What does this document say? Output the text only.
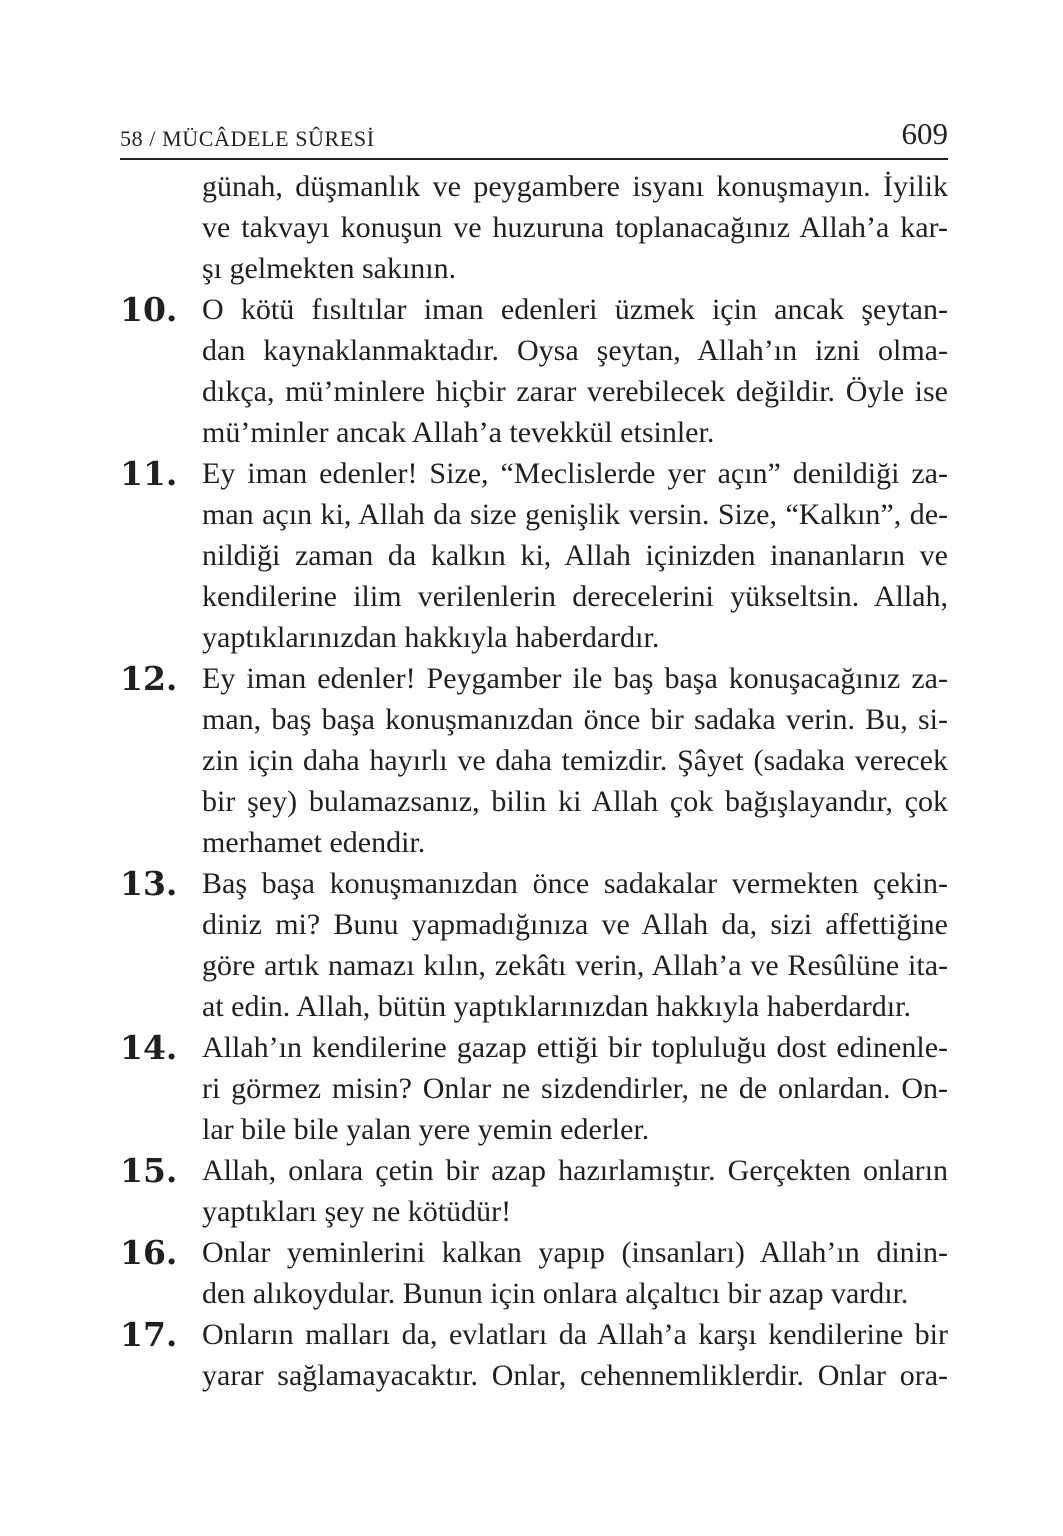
58 / MÜCÂDELE SÛRESİ	609
günah, düşmanlık ve peygambere isyanı konuşmayın. İyilik
ve takvayı konuşun ve huzuruna toplanacağınız Allah’a kar-
şı gelmekten sakının.
10. O kötü fısıltılar iman edenleri üzmek için ancak şeytan-
dan kaynaklanmaktadır. Oysa şeytan, Allah’ın izni olma-
dıkça, mü’minlere hiçbir zarar verebilecek değildir. Öyle ise
mü’minler ancak Allah’a tevekkül etsinler.
11. Ey iman edenler! Size, “Meclislerde yer açın” denildiği za-
man açın ki, Allah da size genişlik versin. Size, “Kalkın”, de-
nildiği zaman da kalkın ki, Allah içinizden inananların ve
kendilerine ilim verilenlerin derecelerini yükseltsin. Allah,
yaptıklarınızdan hakkıyla haberdardır.
12. Ey iman edenler! Peygamber ile baş başa konuşacağınız za-
man, baş başa konuşmanızdan önce bir sadaka verin. Bu, si-
zin için daha hayırlı ve daha temizdir. Şâyet (sadaka verecek
bir şey) bulamazsanız, bilin ki Allah çok bağışlayandır, çok
merhamet edendir.
13. Baş başa konuşmanızdan önce sadakalar vermekten çekin-
diniz mi? Bunu yapmadığınıza ve Allah da, sizi affettiğine
göre artık namazı kılın, zekâtı verin, Allah’a ve Resûlüne ita-
at edin. Allah, bütün yaptıklarınızdan hakkıyla haberdardır.
14. Allah’ın kendilerine gazap ettiği bir topluluğu dost edinenle-
ri görmez misin? Onlar ne sizdendirler, ne de onlardan. On-
lar bile bile yalan yere yemin ederler.
15. Allah, onlara çetin bir azap hazırlamıştır. Gerçekten onların
yaptıkları şey ne kötüdür!
16. Onlar yeminlerini kalkan yapıp (insanları) Allah’ın dinin-
den alıkoydular. Bunun için onlara alçaltıcı bir azap vardır.
17. Onların malları da, evlatları da Allah’a karşı kendilerine bir
yarar sağlamayacaktır. Onlar, cehennemliklerdir. Onlar ora-
